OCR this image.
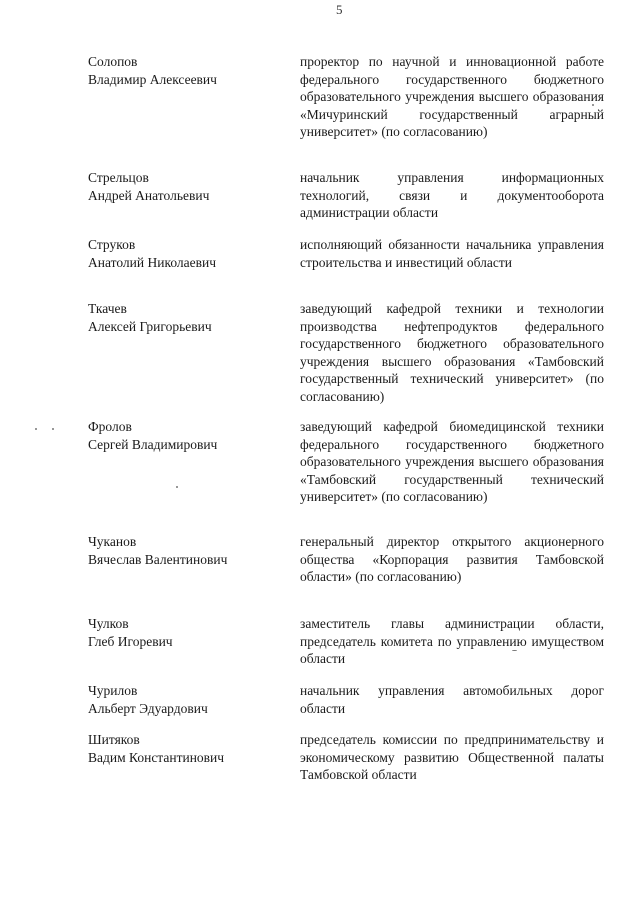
5
Солопов
Владимир Алексеевич
проректор по научной и инновационной работе федерального государственного бюджетного образовательного учреждения высшего образования «Мичуринский государственный аграрный университет» (по согласованию)
Стрельцов
Андрей Анатольевич
начальник управления информационных технологий, связи и документооборота администрации области
Струков
Анатолий Николаевич
исполняющий обязанности начальника управления строительства и инвестиций области
Ткачев
Алексей Григорьевич
заведующий кафедрой техники и технологии производства нефтепродуктов федерального государственного бюджетного образовательного учреждения высшего образования «Тамбовский государственный технический университет» (по согласованию)
Фролов
Сергей Владимирович
заведующий кафедрой биомедицинской техники федерального государственного бюджетного образовательного учреждения высшего образования «Тамбовский государственный технический университет» (по согласованию)
Чуканов
Вячеслав Валентинович
генеральный директор открытого акционерного общества «Корпорация развития Тамбовской области» (по согласованию)
Чулков
Глеб Игоревич
заместитель главы администрации области, председатель комитета по управлению имуществом области
Чурилов
Альберт Эдуардович
начальник управления автомобильных дорог области
Шитяков
Вадим Константинович
председатель комиссии по предпринимательству и экономическому развитию Общественной палаты Тамбовской области
